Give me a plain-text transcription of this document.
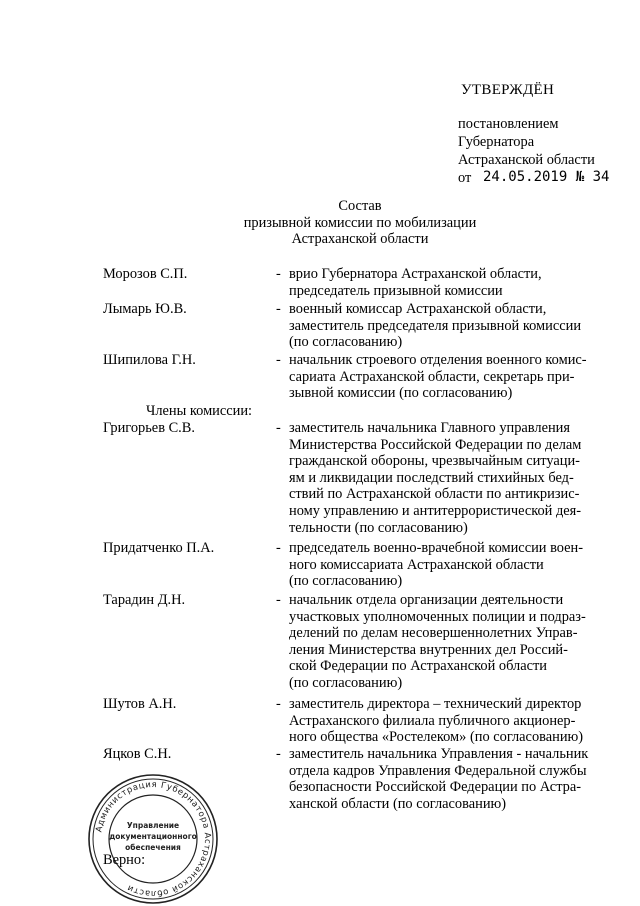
УТВЕРЖДЁН
постановлением
Губернатора
Астраханской области
от 24.05.2019 № 34
Состав
призывной комиссии по мобилизации
Астраханской области
Морозов С.П.	- врио Губернатора Астраханской области,
председатель призывной комиссии
Лымарь Ю.В.	- военный комиссар Астраханской области,
заместитель председателя призывной комиссии
(по согласованию)
Шипилова Г.Н.	- начальник строевого отделения военного комис-
сариата Астраханской области, секретарь при-
зывной комиссии (по согласованию)
Члены комиссии:
Григорьев С.В.	- заместитель начальника Главного управления
Министерства Российской Федерации по делам
гражданской обороны, чрезвычайным ситуаци-
ям и ликвидации последствий стихийных бед-
ствий по Астраханской области по антикризис-
ному управлению и антитеррористической дея-
тельности (по согласованию)
Придатченко П.А.	- председатель военно-врачебной комиссии воен-
ного комиссариата Астраханской области
(по согласованию)
Тарадин Д.Н.	- начальник отдела организации деятельности
участковых уполномоченных полиции и подраз-
делений по делам несовершеннолетних Управ-
ления Министерства внутренних дел Россий-
ской Федерации по Астраханской области
(по согласованию)
Шутов А.Н.	- заместитель директора – технический директор
Астраханского филиала публичного акционер-
ного общества «Ростелеком» (по согласованию)
Яцков С.Н.	- заместитель начальника Управления - начальник
отдела кадров Управления Федеральной службы
безопасности Российской Федерации по Астра-
ханской области (по согласованию)
Администрация Губернатора Астраханской области
Управление
документационного
обеспечения
Верно:
